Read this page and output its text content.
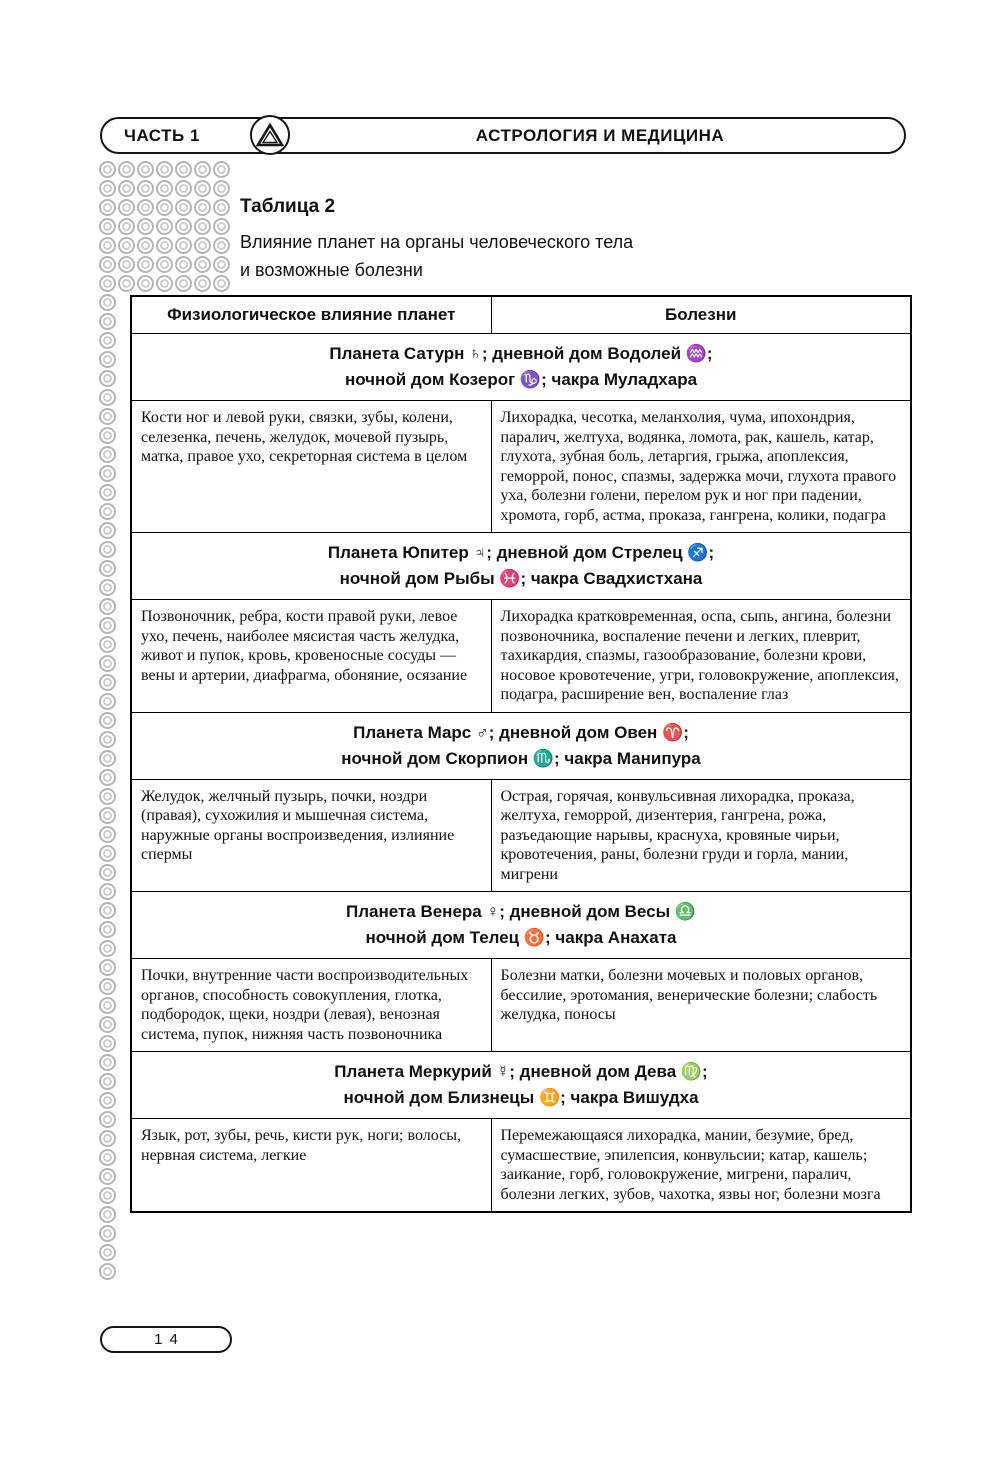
ЧАСТЬ 1	АСТРОЛОГИЯ И МЕДИЦИНА
Таблица 2
Влияние планет на органы человеческого тела
и возможные болезни
Физиологическое влияние планет	Болезни

Планета Сатурн ♄; дневной дом Водолей ♒;
ночной дом Козерог ♑; чакра Муладхара	

Кости ног и левой руки, связки, зубы, колени, селезенка, печень, желудок, мочевой пузырь, матка, правое ухо, секреторная система в целом	Лихорадка, чесотка, меланхолия, чума, ипохондрия, паралич, желтуха, водянка, ломота, рак, кашель, катар, глухота, зубная боль, летаргия, грыжа, апоплексия, геморрой, понос, спазмы, задержка мочи, глухота правого уха, болезни голени, перелом рук и ног при падении, хромота, горб, астма, проказа, гангрена, колики, подагра

Планета Юпитер ♃; дневной дом Стрелец ♐;
ночной дом Рыбы ♓; чакра Свадхистхана	

Позвоночник, ребра, кости правой руки, левое ухо, печень, наиболее мясистая часть желудка, живот и пупок, кровь, кровеносные сосуды — вены и артерии, диафрагма, обоняние, осязание	Лихорадка кратковременная, оспа, сыпь, ангина, болезни позвоночника, воспаление печени и легких, плеврит, тахикардия, спазмы, газообразование, болезни крови, носовое кровотечение, угри, головокружение, апоплексия, подагра, расширение вен, воспаление глаз

Планета Марс ♂; дневной дом Овен ♈;
ночной дом Скорпион ♏; чакра Манипура	

Желудок, желчный пузырь, почки, ноздри (правая), сухожилия и мышечная система, наружные органы воспроизведения, излияние спермы	Острая, горячая, конвульсивная лихорадка, проказа, желтуха, геморрой, дизентерия, гангрена, рожа, разъедающие нарывы, краснуха, кровяные чирьи, кровотечения, раны, болезни груди и горла, мании, мигрени

Планета Венера ♀; дневной дом Весы ♎
ночной дом Телец ♉; чакра Анахата	

Почки, внутренние части воспроизводительных органов, способность совокупления, глотка, подбородок, щеки, ноздри (левая), венозная система, пупок, нижняя часть позвоночника	Болезни матки, болезни мочевых и половых органов, бессилие, эротомания, венерические болезни; слабость желудка, поносы

Планета Меркурий ☿; дневной дом Дева ♍;
ночной дом Близнецы ♊; чакра Вишудха	

Язык, рот, зубы, речь, кисти рук, ноги; волосы, нервная система, легкие	Перемежающаяся лихорадка, мании, безумие, бред, сумасшествие, эпилепсия, конвульсии; катар, кашель; заикание, горб, головокружение, мигрени, паралич, болезни легких, зубов, чахотка, язвы ног, болезни мозга
14
